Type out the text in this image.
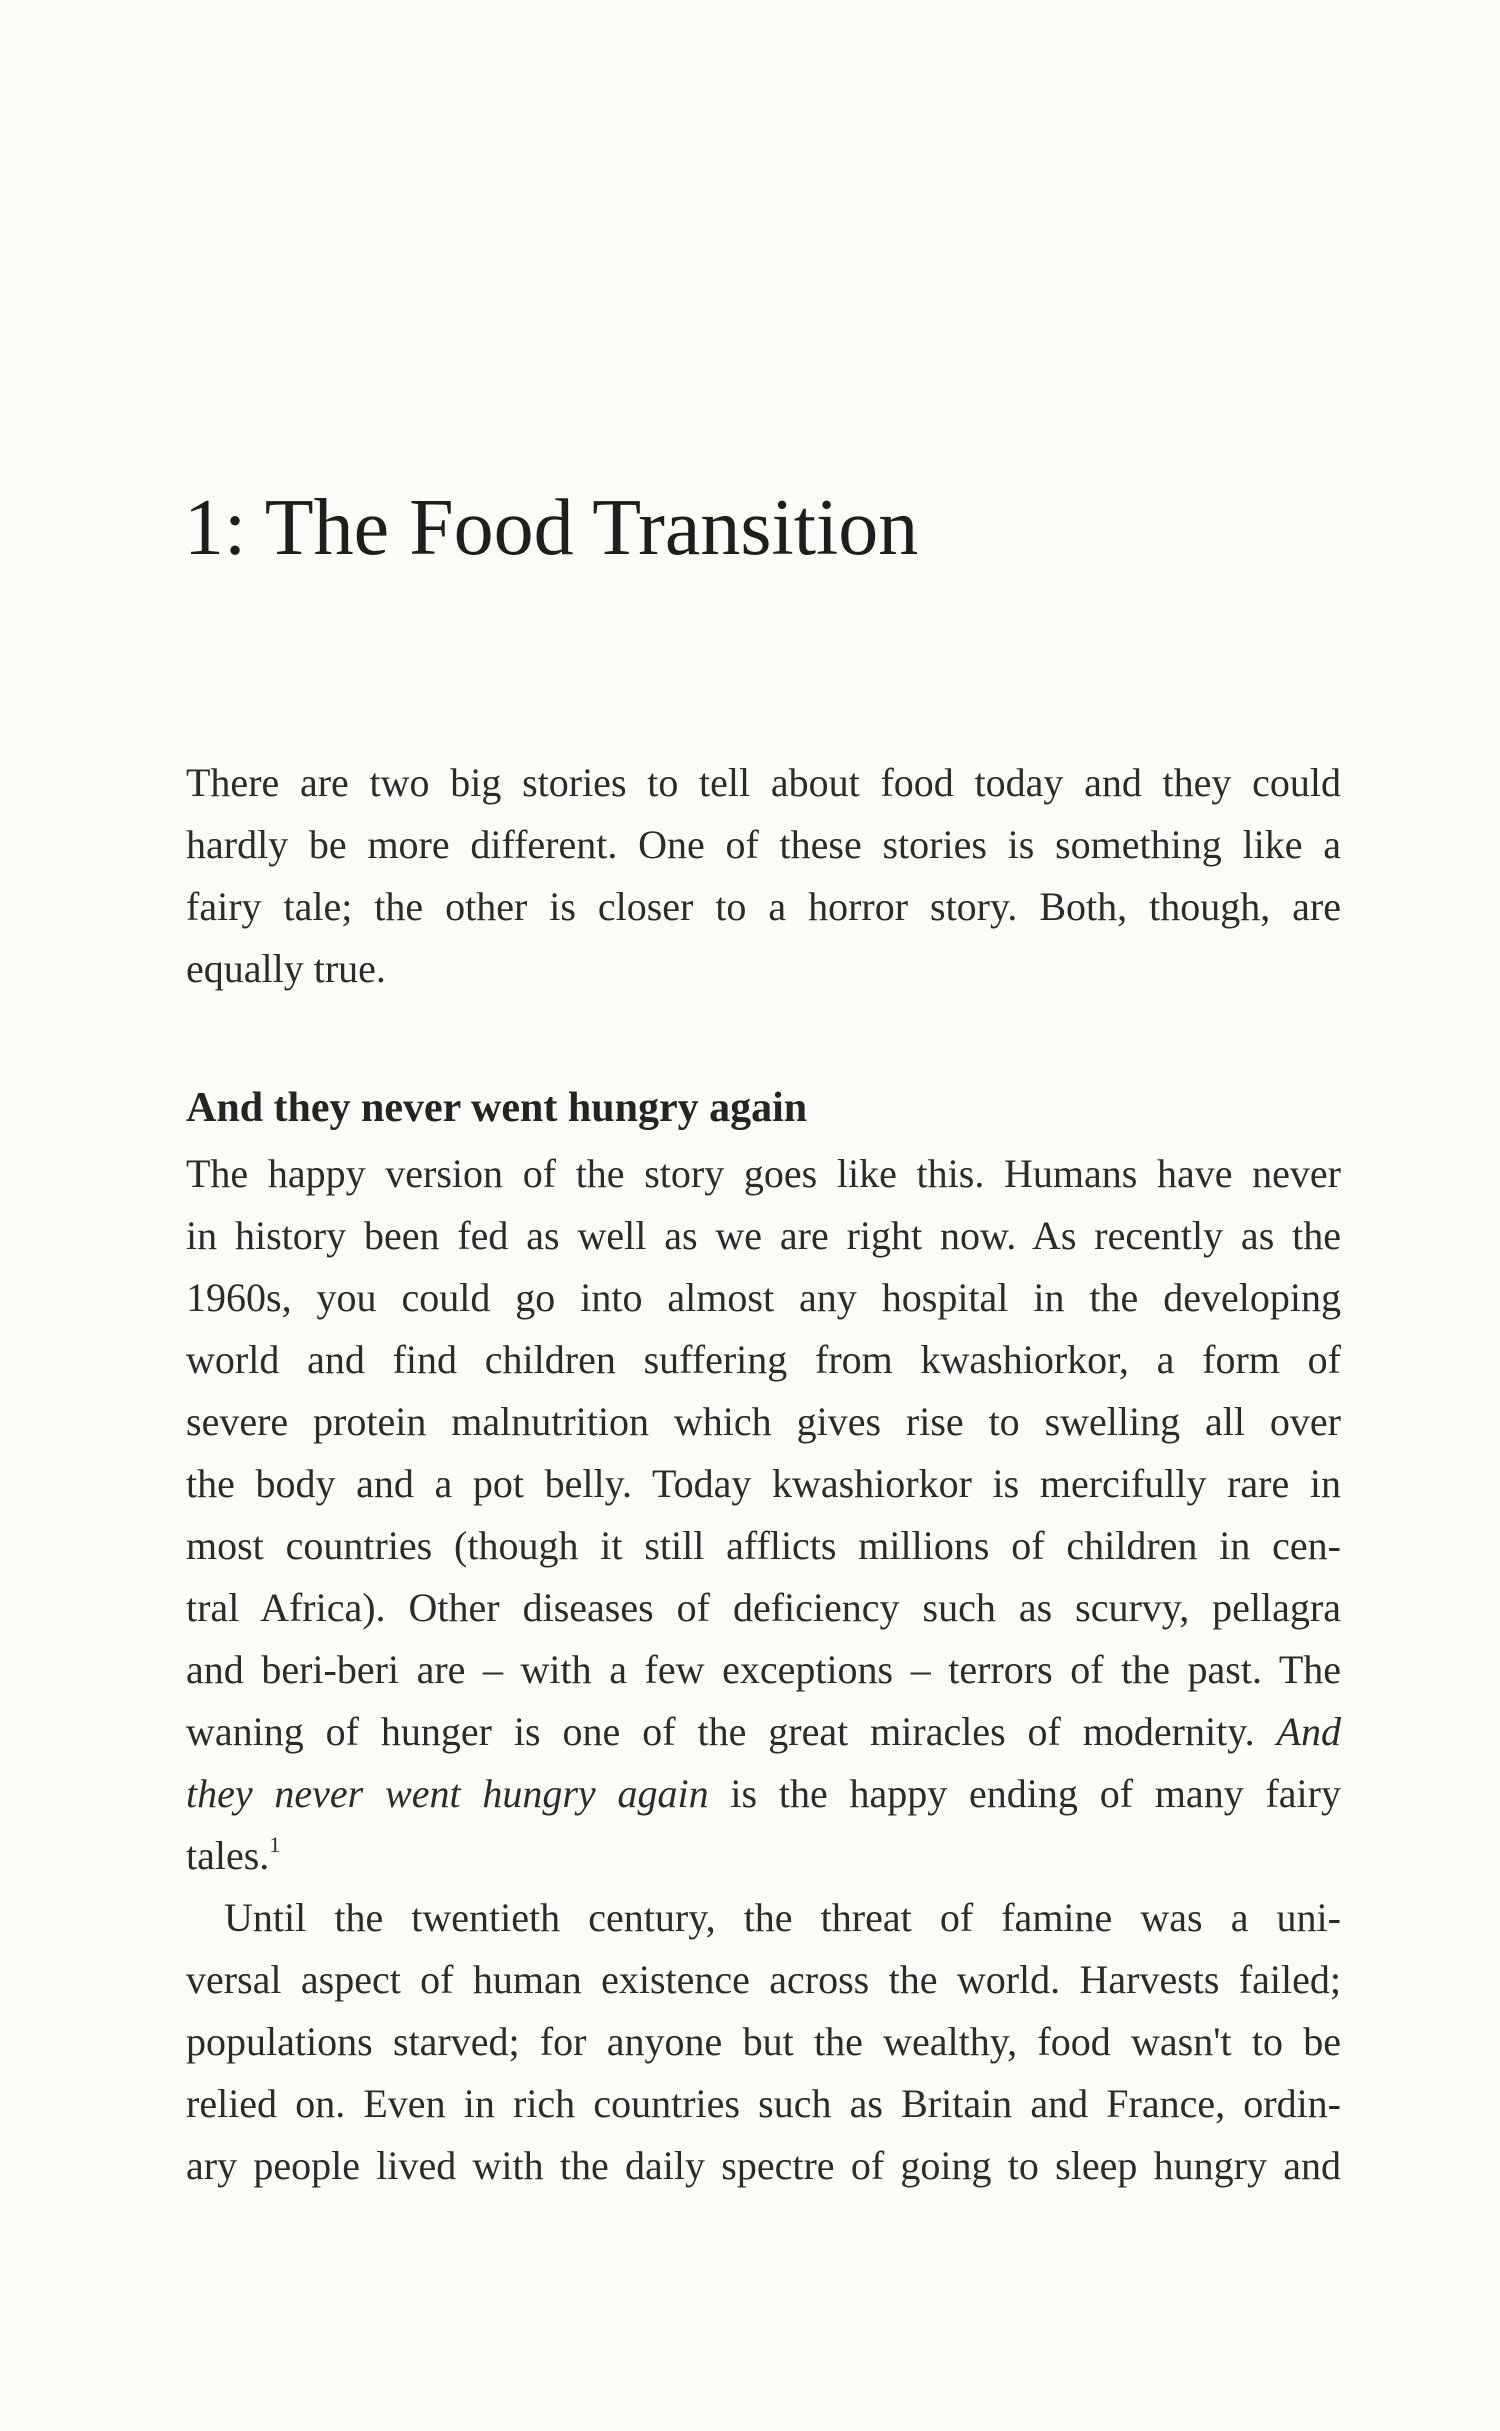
1: The Food Transition
There are two big stories to tell about food today and they could
hardly be more different. One of these stories is something like a
fairy tale; the other is closer to a horror story. Both, though, are
equally true.
And they never went hungry again
The happy version of the story goes like this. Humans have never
in history been fed as well as we are right now. As recently as the
1960s, you could go into almost any hospital in the developing
world and find children suffering from kwashiorkor, a form of
severe protein malnutrition which gives rise to swelling all over
the body and a pot belly. Today kwashiorkor is mercifully rare in
most countries (though it still afflicts millions of children in cen-
tral Africa). Other diseases of deficiency such as scurvy, pellagra
and beri-beri are – with a few exceptions – terrors of the past. The
waning of hunger is one of the great miracles of modernity. And
they never went hungry again is the happy ending of many fairy
tales.$^1$
Until the twentieth century, the threat of famine was a uni-
versal aspect of human existence across the world. Harvests failed;
populations starved; for anyone but the wealthy, food wasn't to be
relied on. Even in rich countries such as Britain and France, ordin-
ary people lived with the daily spectre of going to sleep hungry and
